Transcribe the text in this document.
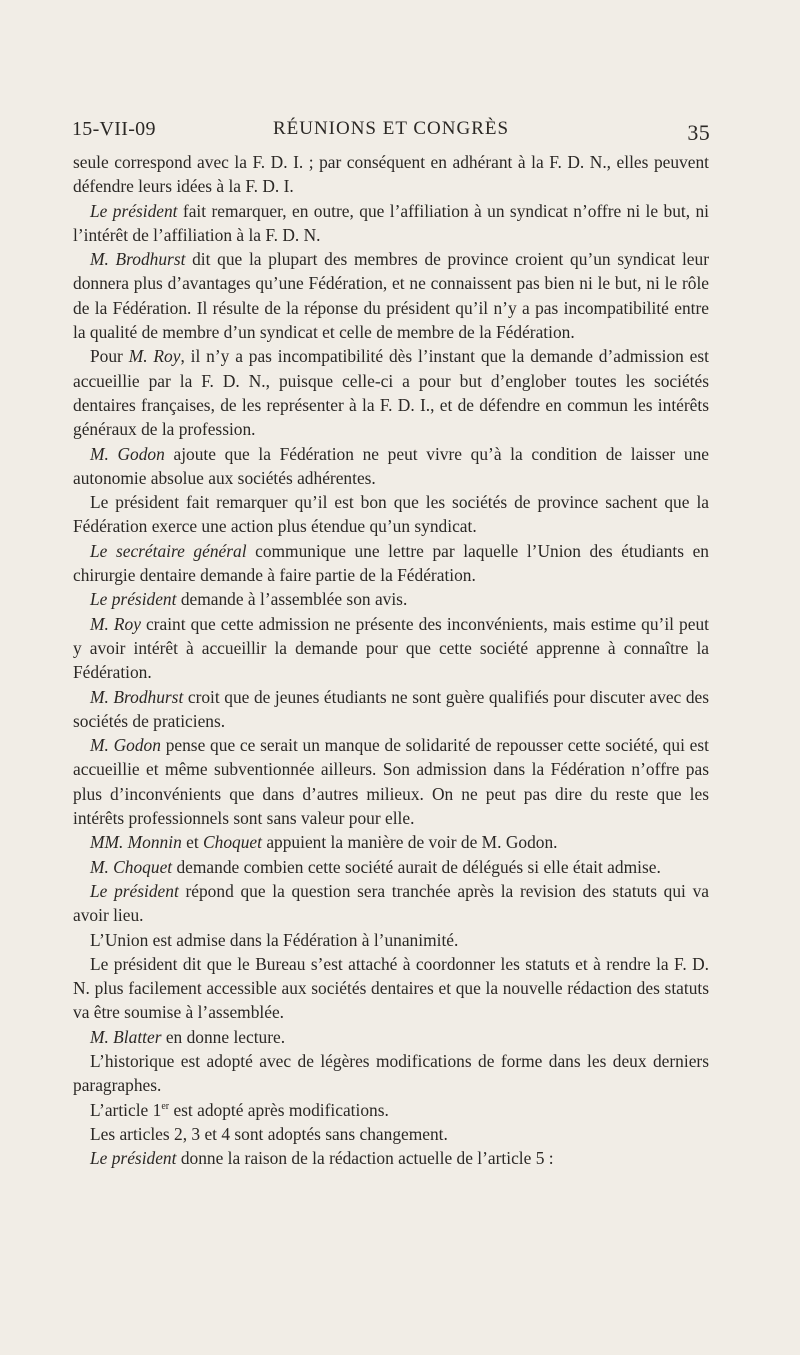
15-VII-09	RÉUNIONS ET CONGRÈS	35

seule correspond avec la F. D. I. ; par conséquent en adhérant à la F. D. N., elles peuvent défendre leurs idées à la F. D. I.

Le président fait remarquer, en outre, que l’affiliation à un syndicat n’offre ni le but, ni l’intérêt de l’affiliation à la F. D. N.

M. Brodhurst dit que la plupart des membres de province croient qu’un syndicat leur donnera plus d’avantages qu’une Fédération, et ne connaissent pas bien ni le but, ni le rôle de la Fédération. Il résulte de la réponse du président qu’il n’y a pas incompatibilité entre la qualité de membre d’un syndicat et celle de membre de la Fédération.

Pour M. Roy, il n’y a pas incompatibilité dès l’instant que la demande d’admission est accueillie par la F. D. N., puisque celle-ci a pour but d’englober toutes les sociétés dentaires françaises, de les représenter à la F. D. I., et de défendre en commun les intérêts généraux de la profession.

M. Godon ajoute que la Fédération ne peut vivre qu’à la condition de laisser une autonomie absolue aux sociétés adhérentes.

Le président fait remarquer qu’il est bon que les sociétés de province sachent que la Fédération exerce une action plus étendue qu’un syndicat.

Le secrétaire général communique une lettre par laquelle l’Union des étudiants en chirurgie dentaire demande à faire partie de la Fédération.

Le président demande à l’assemblée son avis.

M. Roy craint que cette admission ne présente des inconvénients, mais estime qu’il peut y avoir intérêt à accueillir la demande pour que cette société apprenne à connaître la Fédération.

M. Brodhurst croit que de jeunes étudiants ne sont guère qualifiés pour discuter avec des sociétés de praticiens.

M. Godon pense que ce serait un manque de solidarité de repousser cette société, qui est accueillie et même subventionnée ailleurs. Son admission dans la Fédération n’offre pas plus d’inconvénients que dans d’autres milieux. On ne peut pas dire du reste que les intérêts professionnels sont sans valeur pour elle.

MM. Monnin et Choquet appuient la manière de voir de M. Godon.

M. Choquet demande combien cette société aurait de délégués si elle était admise.

Le président répond que la question sera tranchée après la revision des statuts qui va avoir lieu.

L’Union est admise dans la Fédération à l’unanimité.

Le président dit que le Bureau s’est attaché à coordonner les statuts et à rendre la F. D. N. plus facilement accessible aux sociétés dentaires et que la nouvelle rédaction des statuts va être soumise à l’assemblée.

M. Blatter en donne lecture.

L’historique est adopté avec de légères modifications de forme dans les deux derniers paragraphes.

L’article 1er est adopté après modifications.

Les articles 2, 3 et 4 sont adoptés sans changement.

Le président donne la raison de la rédaction actuelle de l’article 5 :
